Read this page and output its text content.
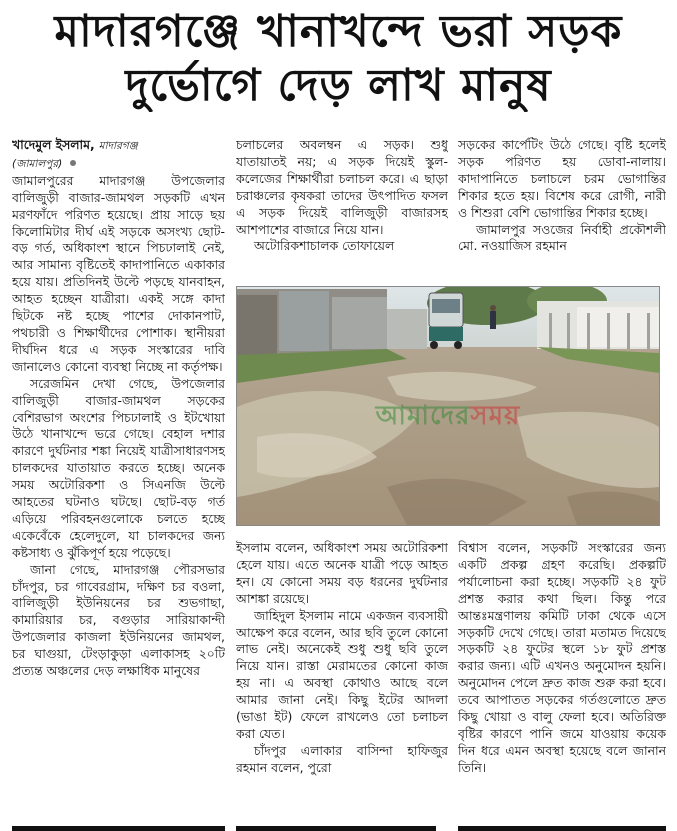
মাদারগঞ্জে খানাখন্দে ভরা সড়ক
দুর্ভোগে দেড় লাখ মানুষ

খাদেমুল ইসলাম, মাদারগঞ্জ
(জামালপুর)

জামালপুরের মাদারগঞ্জ উপজেলার বালিজুড়ী বাজার-জামথল সড়কটি এখন মরণফাঁদে পরিণত হয়েছে। প্রায় সাড়ে ছয় কিলোমিটার দীর্ঘ এই সড়কে অসংখ্য ছোট-বড় গর্ত, অধিকাংশ স্থানে পিচঢালাই নেই, আর সামান্য বৃষ্টিতেই কাদাপানিতে একাকার হয়ে যায়। প্রতিদিনই উল্টে পড়ছে যানবাহন, আহত হচ্ছেন যাত্রীরা। একই সঙ্গে কাদা ছিটকে নষ্ট হচ্ছে পাশের দোকানপাট, পথচারী ও শিক্ষার্থীদের পোশাক। স্থানীয়রা দীর্ঘদিন ধরে এ সড়ক সংস্কারের দাবি জানালেও কোনো ব্যবস্থা নিচ্ছে না কর্তৃপক্ষ।

সরেজমিন দেখা গেছে, উপজেলার বালিজুড়ী বাজার-জামথল সড়কের বেশিরভাগ অংশের পিচঢালাই ও ইটখোয়া উঠে খানাখন্দে ভরে গেছে। বেহাল দশার কারণে দুর্ঘটনার শঙ্কা নিয়েই যাত্রীসাধারণসহ চালকদের যাতায়াত করতে হচ্ছে। অনেক সময় অটোরিকশা ও সিএনজি উল্টে আহতের ঘটনাও ঘটছে। ছোট-বড় গর্ত এড়িয়ে পরিবহনগুলোকে চলতে হচ্ছে একেবেঁকে হেলেদুলে, যা চালকদের জন্য কষ্টসাধ্য ও ঝুঁকিপূর্ণ হয়ে পড়েছে।

জানা গেছে, মাদারগঞ্জ পৌরসভার চাঁদপুর, চর গাবেরগ্রাম, দক্ষিণ চর বওলা, বালিজুড়ী ইউনিয়নের চর শুভগাছা, কামারিয়ার চর, বগুড়ার সারিয়াকান্দী উপজেলার কাজলা ইউনিয়নের জামথল, চর ঘাগুয়া, টেংড়াকুড়া এলাকাসহ ২০টি প্রত্যন্ত অঞ্চলের দেড় লক্ষাধিক মানুষের

চলাচলের অবলম্বন এ সড়ক। শুধু যাতায়াতই নয়; এ সড়ক দিয়েই স্কুল-কলেজের শিক্ষার্থীরা চলাচল করে। এ ছাড়া চরাঞ্চলের কৃষকরা তাদের উৎপাদিত ফসল এ সড়ক দিয়েই বালিজুড়ী বাজারসহ আশপাশের বাজারে নিয়ে যান।

অটোরিকশাচালক তোফায়েল

সড়কের কার্পেটিং উঠে গেছে। বৃষ্টি হলেই সড়ক পরিণত হয় ডোবা-নালায়। কাদাপানিতে চলাচলে চরম ভোগান্তির শিকার হতে হয়। বিশেষ করে রোগী, নারী ও শিশুরা বেশি ভোগান্তির শিকার হচ্ছে।

জামালপুর সওজের নির্বাহী প্রকৌশলী মো. নওয়াজিস রহমান

আমাদেরসময়

ইসলাম বলেন, অধিকাংশ সময় অটোরিকশা হেলে যায়। এতে অনেক যাত্রী পড়ে আহত হন। যে কোনো সময় বড় ধরনের দুর্ঘটনার আশঙ্কা রয়েছে।

জাহিদুল ইসলাম নামে একজন ব্যবসায়ী আক্ষেপ করে বলেন, আর ছবি তুলে কোনো লাভ নেই। অনেকেই শুধু শুধু ছবি তুলে নিয়ে যান। রাস্তা মেরামতের কোনো কাজ হয় না। এ অবস্থা কোথাও আছে বলে আমার জানা নেই। কিছু ইটের আদলা (ভাঙা ইট) ফেলে রাখলেও তো চলাচল করা যেত।

চাঁদপুর এলাকার বাসিন্দা হাফিজুর রহমান বলেন, পুরো

বিশ্বাস বলেন, সড়কটি সংস্কারের জন্য একটি প্রকল্প গ্রহণ করেছি। প্রকল্পটি পর্যালোচনা করা হচ্ছে। সড়কটি ২৪ ফুট প্রশস্ত করার কথা ছিল। কিন্তু পরে আন্তঃমন্ত্রণালয় কমিটি ঢাকা থেকে এসে সড়কটি দেখে গেছে। তারা মতামত দিয়েছে সড়কটি ২৪ ফুটের স্থলে ১৮ ফুট প্রশস্ত করার জন্য। এটি এখনও অনুমোদন হয়নি। অনুমোদন পেলে দ্রুত কাজ শুরু করা হবে। তবে আপাতত সড়কের গর্তগুলোতে দ্রুত কিছু খোয়া ও বালু ফেলা হবে। অতিরিক্ত বৃষ্টির কারণে পানি জমে যাওয়ায় কয়েক দিন ধরে এমন অবস্থা হয়েছে বলে জানান তিনি।
